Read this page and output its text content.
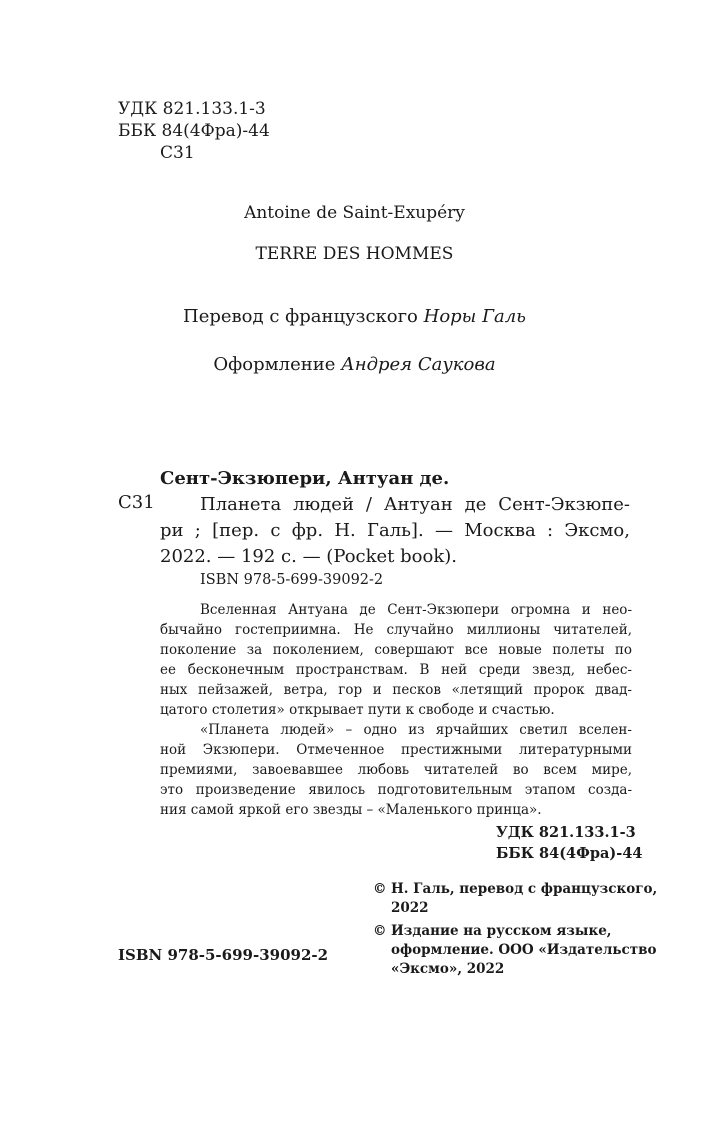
УДК 821.133.1-3
ББК 84(4Фра)-44
С31
Antoine de Saint-Exupéry
TERRE DES HOMMES
Перевод с французского Норы Галь
Оформление Андрея Саукова
С31
Сент-Экзюпери, Антуан де.
Планета людей / Антуан де Сент-Экзюпе-
ри ; [пер. с фр. Н. Галь]. — Москва : Эксмо,
2022. — 192 с. — (Pocket book).
ISBN 978-5-699-39092-2

Вселенная Антуана де Сент-Экзюпери огромна и нео-
бычайно гостеприимна. Не случайно миллионы читателей,
поколение за поколением, совершают все новые полеты по
ее бесконечным пространствам. В ней среди звезд, небес-
ных пейзажей, ветра, гор и песков «летящий пророк двад-
цатого столетия» открывает пути к свободе и счастью.

«Планета людей» – одно из ярчайших светил вселен-
ной Экзюпери. Отмеченное престижными литературными
премиями, завоевавшее любовь читателей во всем мире,
это произведение явилось подготовительным этапом созда-
ния самой яркой его звезды – «Маленького принца».

УДК 821.133.1-3
ББК 84(4Фра)-44
© Н. Галь, перевод с французского,
2022
© Издание на русском языке,
оформление. ООО «Издательство
«Эксмо», 2022
ISBN 978-5-699-39092-2
